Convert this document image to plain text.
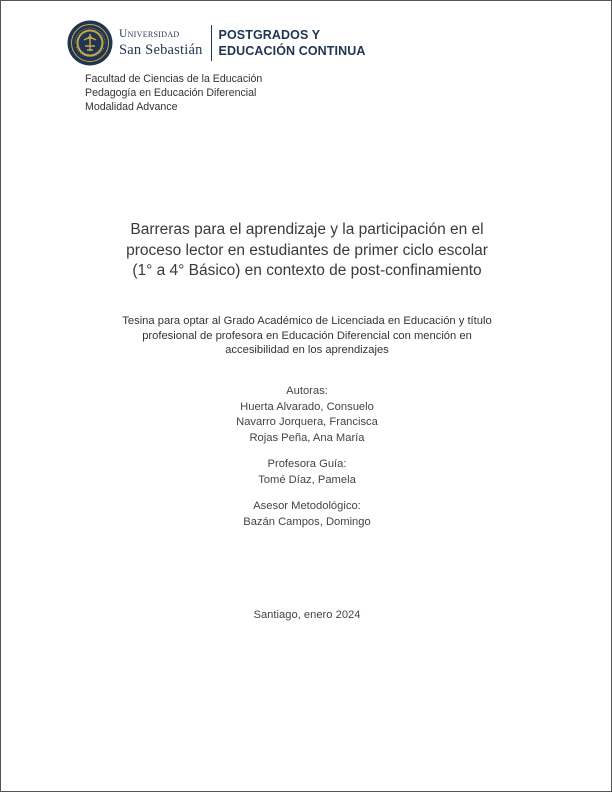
Universidad
San Sebastián
POSTGRADOS Y
EDUCACIÓN CONTINUA
Facultad de Ciencias de la Educación
Pedagogía en Educación Diferencial
Modalidad Advance
Barreras para el aprendizaje y la participación en el
proceso lector en estudiantes de primer ciclo escolar
(1° a 4° Básico) en contexto de post-confinamiento
Tesina para optar al Grado Académico de Licenciada en Educación y título
profesional de profesora en Educación Diferencial con mención en
accesibilidad en los aprendizajes
Autoras:
Huerta Alvarado, Consuelo
Navarro Jorquera, Francisca
Rojas Peña, Ana María
Profesora Guía:
Tomé Díaz, Pamela
Asesor Metodológico:
Bazán Campos, Domingo
Santiago, enero 2024
